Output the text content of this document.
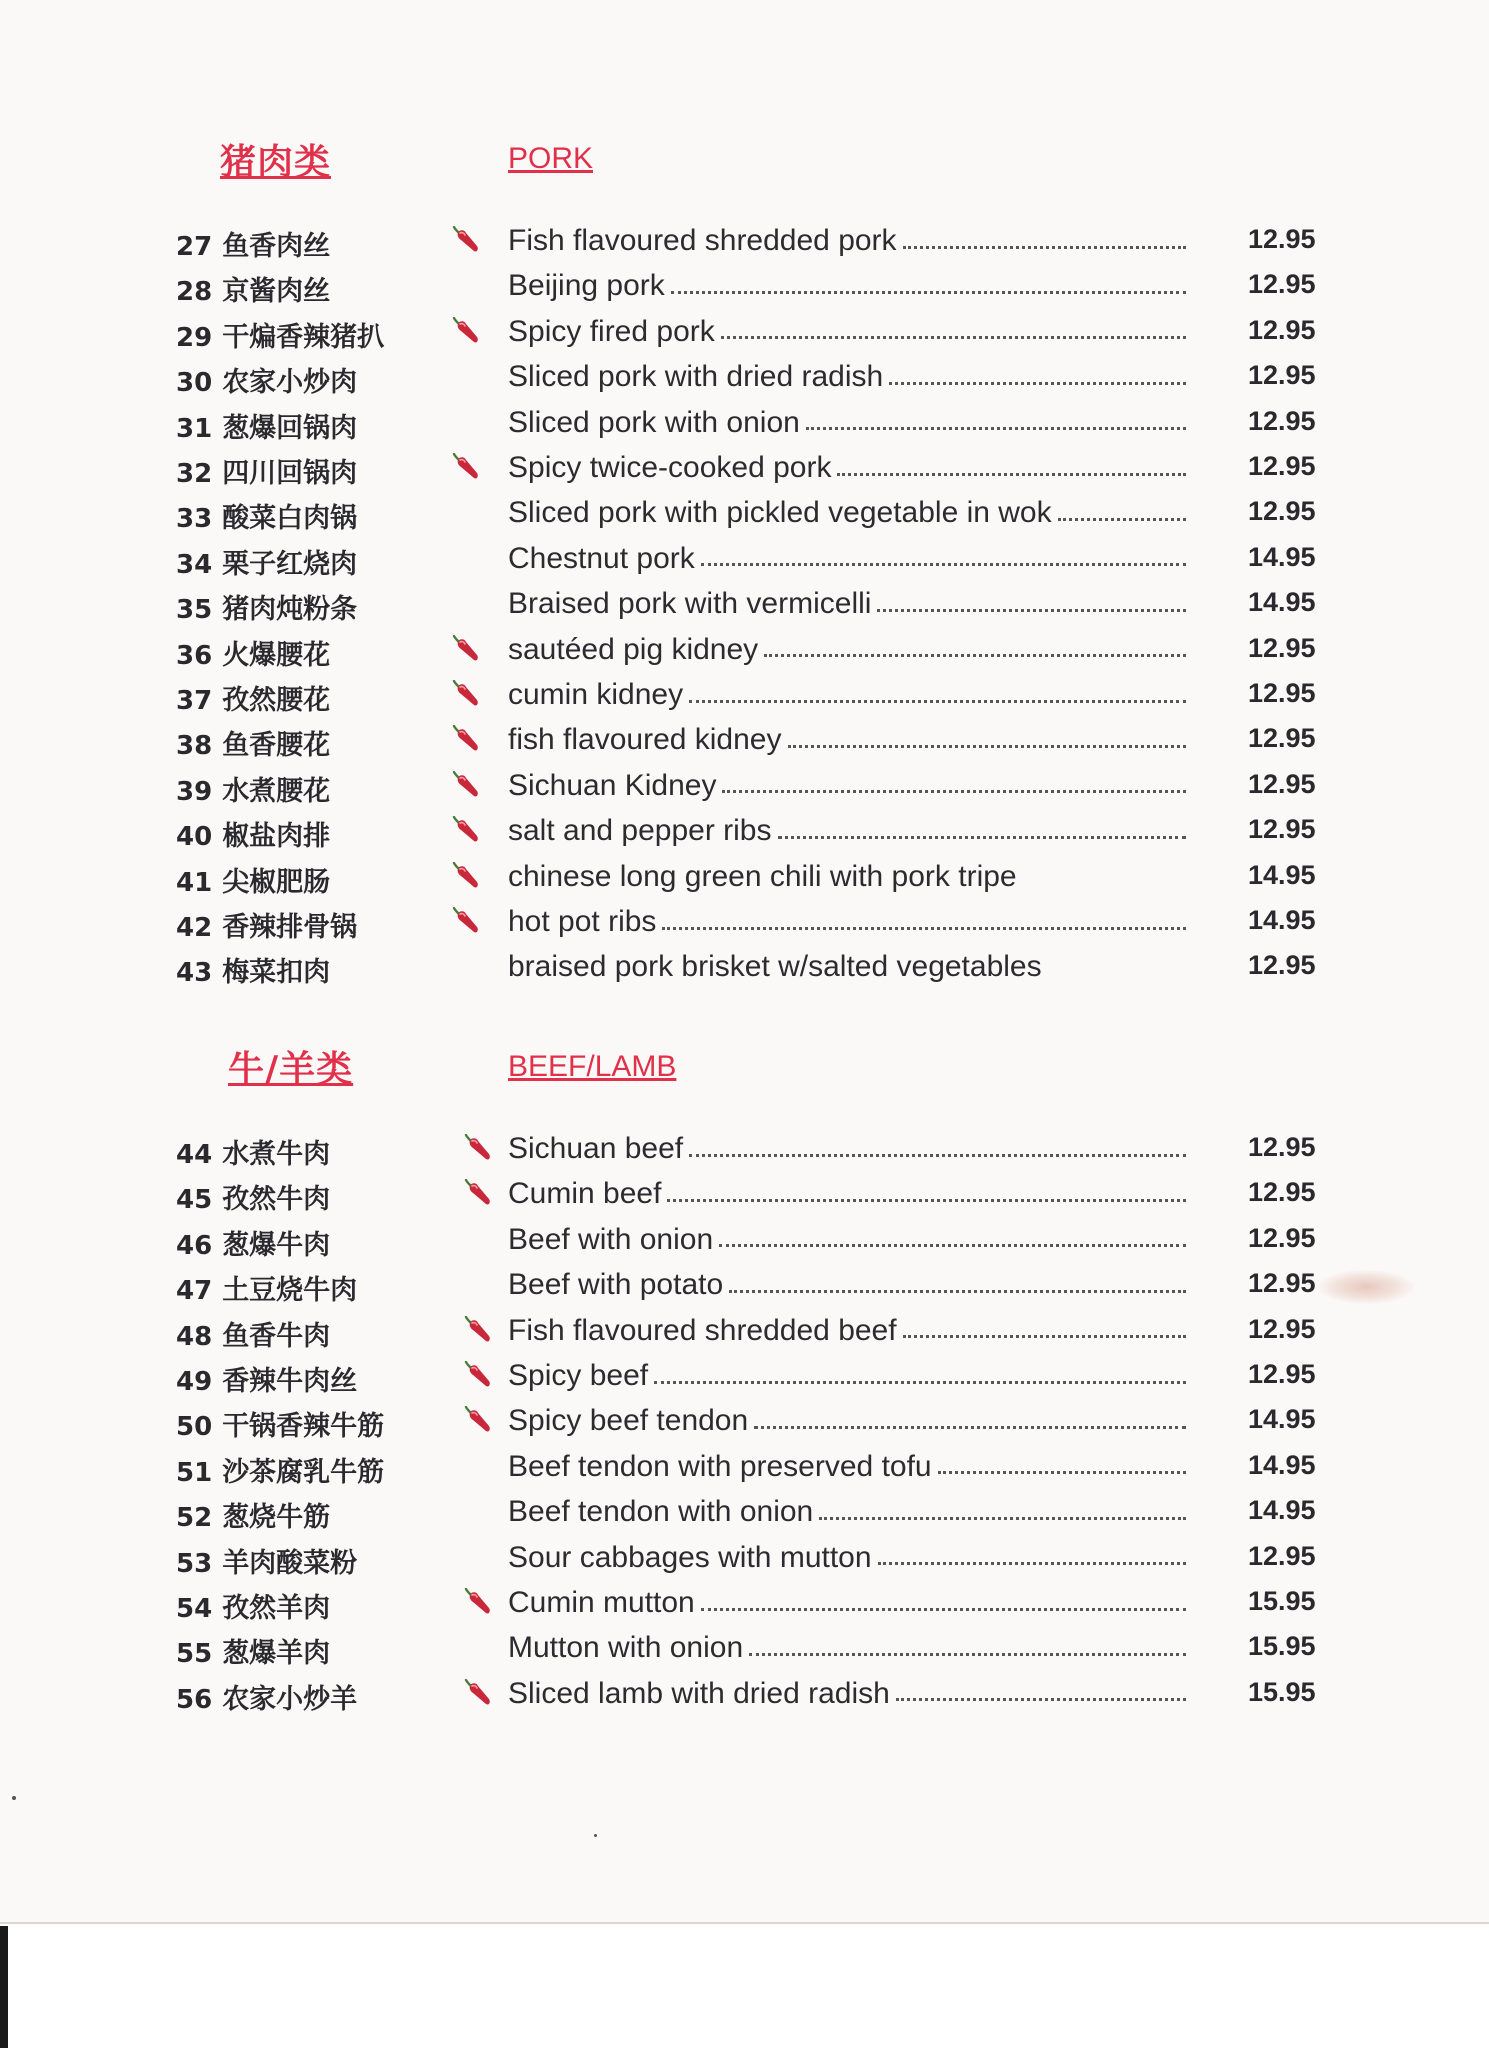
猪肉类	PORK
27 鱼香肉丝	Fish flavoured shredded pork	12.95
28 京酱肉丝	Beijing pork	12.95
29 干煸香辣猪扒	Spicy fired pork	12.95
30 农家小炒肉	Sliced pork with dried radish	12.95
31 葱爆回锅肉	Sliced pork with onion	12.95
32 四川回锅肉	Spicy twice-cooked pork	12.95
33 酸菜白肉锅	Sliced pork with pickled vegetable in wok	12.95
34 栗子红烧肉	Chestnut pork	14.95
35 猪肉炖粉条	Braised pork with vermicelli	14.95
36 火爆腰花	sautéed pig kidney	12.95
37 孜然腰花	cumin kidney	12.95
38 鱼香腰花	fish flavoured kidney	12.95
39 水煮腰花	Sichuan Kidney	12.95
40 椒盐肉排	salt and pepper ribs	12.95
41 尖椒肥肠	chinese long green chili with pork tripe	14.95
42 香辣排骨锅	hot pot ribs	14.95
43 梅菜扣肉	braised pork brisket w/salted vegetables	12.95
牛/羊类	BEEF/LAMB
44 水煮牛肉	Sichuan beef	12.95
45 孜然牛肉	Cumin beef	12.95
46 葱爆牛肉	Beef with onion	12.95
47 土豆烧牛肉	Beef with potato	12.95
48 鱼香牛肉	Fish flavoured shredded beef	12.95
49 香辣牛肉丝	Spicy beef	12.95
50 干锅香辣牛筋	Spicy beef tendon	14.95
51 沙茶腐乳牛筋	Beef tendon with preserved tofu	14.95
52 葱烧牛筋	Beef tendon with onion	14.95
53 羊肉酸菜粉	Sour cabbages with mutton	12.95
54 孜然羊肉	Cumin mutton	15.95
55 葱爆羊肉	Mutton with onion	15.95
56 农家小炒羊	Sliced lamb with dried radish	15.95
